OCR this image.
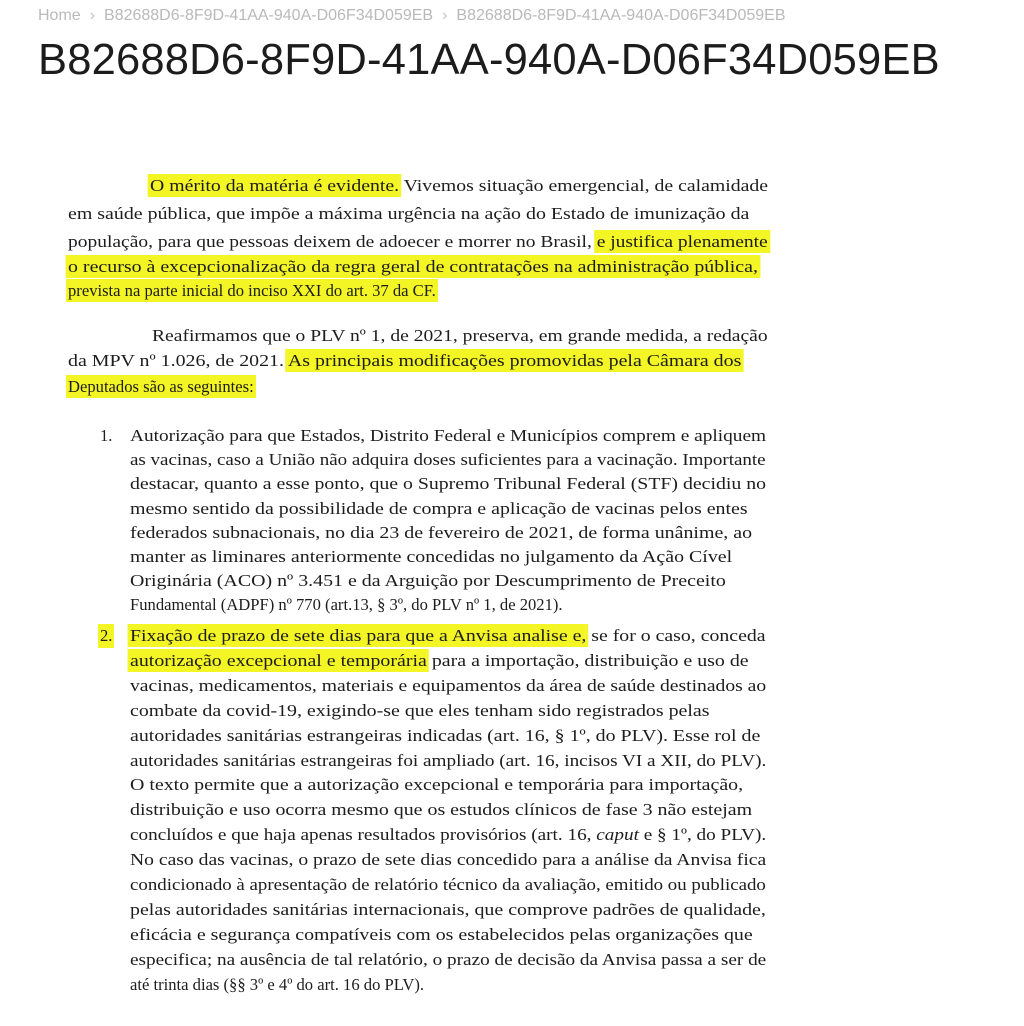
Home › B82688D6-8F9D-41AA-940A-D06F34D059EB › B82688D6-8F9D-41AA-940A-D06F34D059EB
B82688D6-8F9D-41AA-940A-D06F34D059EB
O mérito da matéria é evidente. Vivemos situação emergencial, de calamidade
em saúde pública, que impõe a máxima urgência na ação do Estado de imunização da
população, para que pessoas deixem de adoecer e morrer no Brasil, e justifica plenamente
o recurso à excepcionalização da regra geral de contratações na administração pública,
prevista na parte inicial do inciso XXI do art. 37 da CF.
Reafirmamos que o PLV nº 1, de 2021, preserva, em grande medida, a redação
da MPV nº 1.026, de 2021. As principais modificações promovidas pela Câmara dos
Deputados são as seguintes:
1. Autorização para que Estados, Distrito Federal e Municípios comprem e apliquem
as vacinas, caso a União não adquira doses suficientes para a vacinação. Importante
destacar, quanto a esse ponto, que o Supremo Tribunal Federal (STF) decidiu no
mesmo sentido da possibilidade de compra e aplicação de vacinas pelos entes
federados subnacionais, no dia 23 de fevereiro de 2021, de forma unânime, ao
manter as liminares anteriormente concedidas no julgamento da Ação Cível
Originária (ACO) nº 3.451 e da Arguição por Descumprimento de Preceito
Fundamental (ADPF) nº 770 (art.13, § 3º, do PLV nº 1, de 2021).
2. Fixação de prazo de sete dias para que a Anvisa analise e, se for o caso, conceda
autorização excepcional e temporária para a importação, distribuição e uso de
vacinas, medicamentos, materiais e equipamentos da área de saúde destinados ao
combate da covid-19, exigindo-se que eles tenham sido registrados pelas
autoridades sanitárias estrangeiras indicadas (art. 16, § 1º, do PLV). Esse rol de
autoridades sanitárias estrangeiras foi ampliado (art. 16, incisos VI a XII, do PLV).
O texto permite que a autorização excepcional e temporária para importação,
distribuição e uso ocorra mesmo que os estudos clínicos de fase 3 não estejam
concluídos e que haja apenas resultados provisórios (art. 16, caput e § 1º, do PLV).
No caso das vacinas, o prazo de sete dias concedido para a análise da Anvisa fica
condicionado à apresentação de relatório técnico da avaliação, emitido ou publicado
pelas autoridades sanitárias internacionais, que comprove padrões de qualidade,
eficácia e segurança compatíveis com os estabelecidos pelas organizações que
especifica; na ausência de tal relatório, o prazo de decisão da Anvisa passa a ser de
até trinta dias (§§ 3º e 4º do art. 16 do PLV).
